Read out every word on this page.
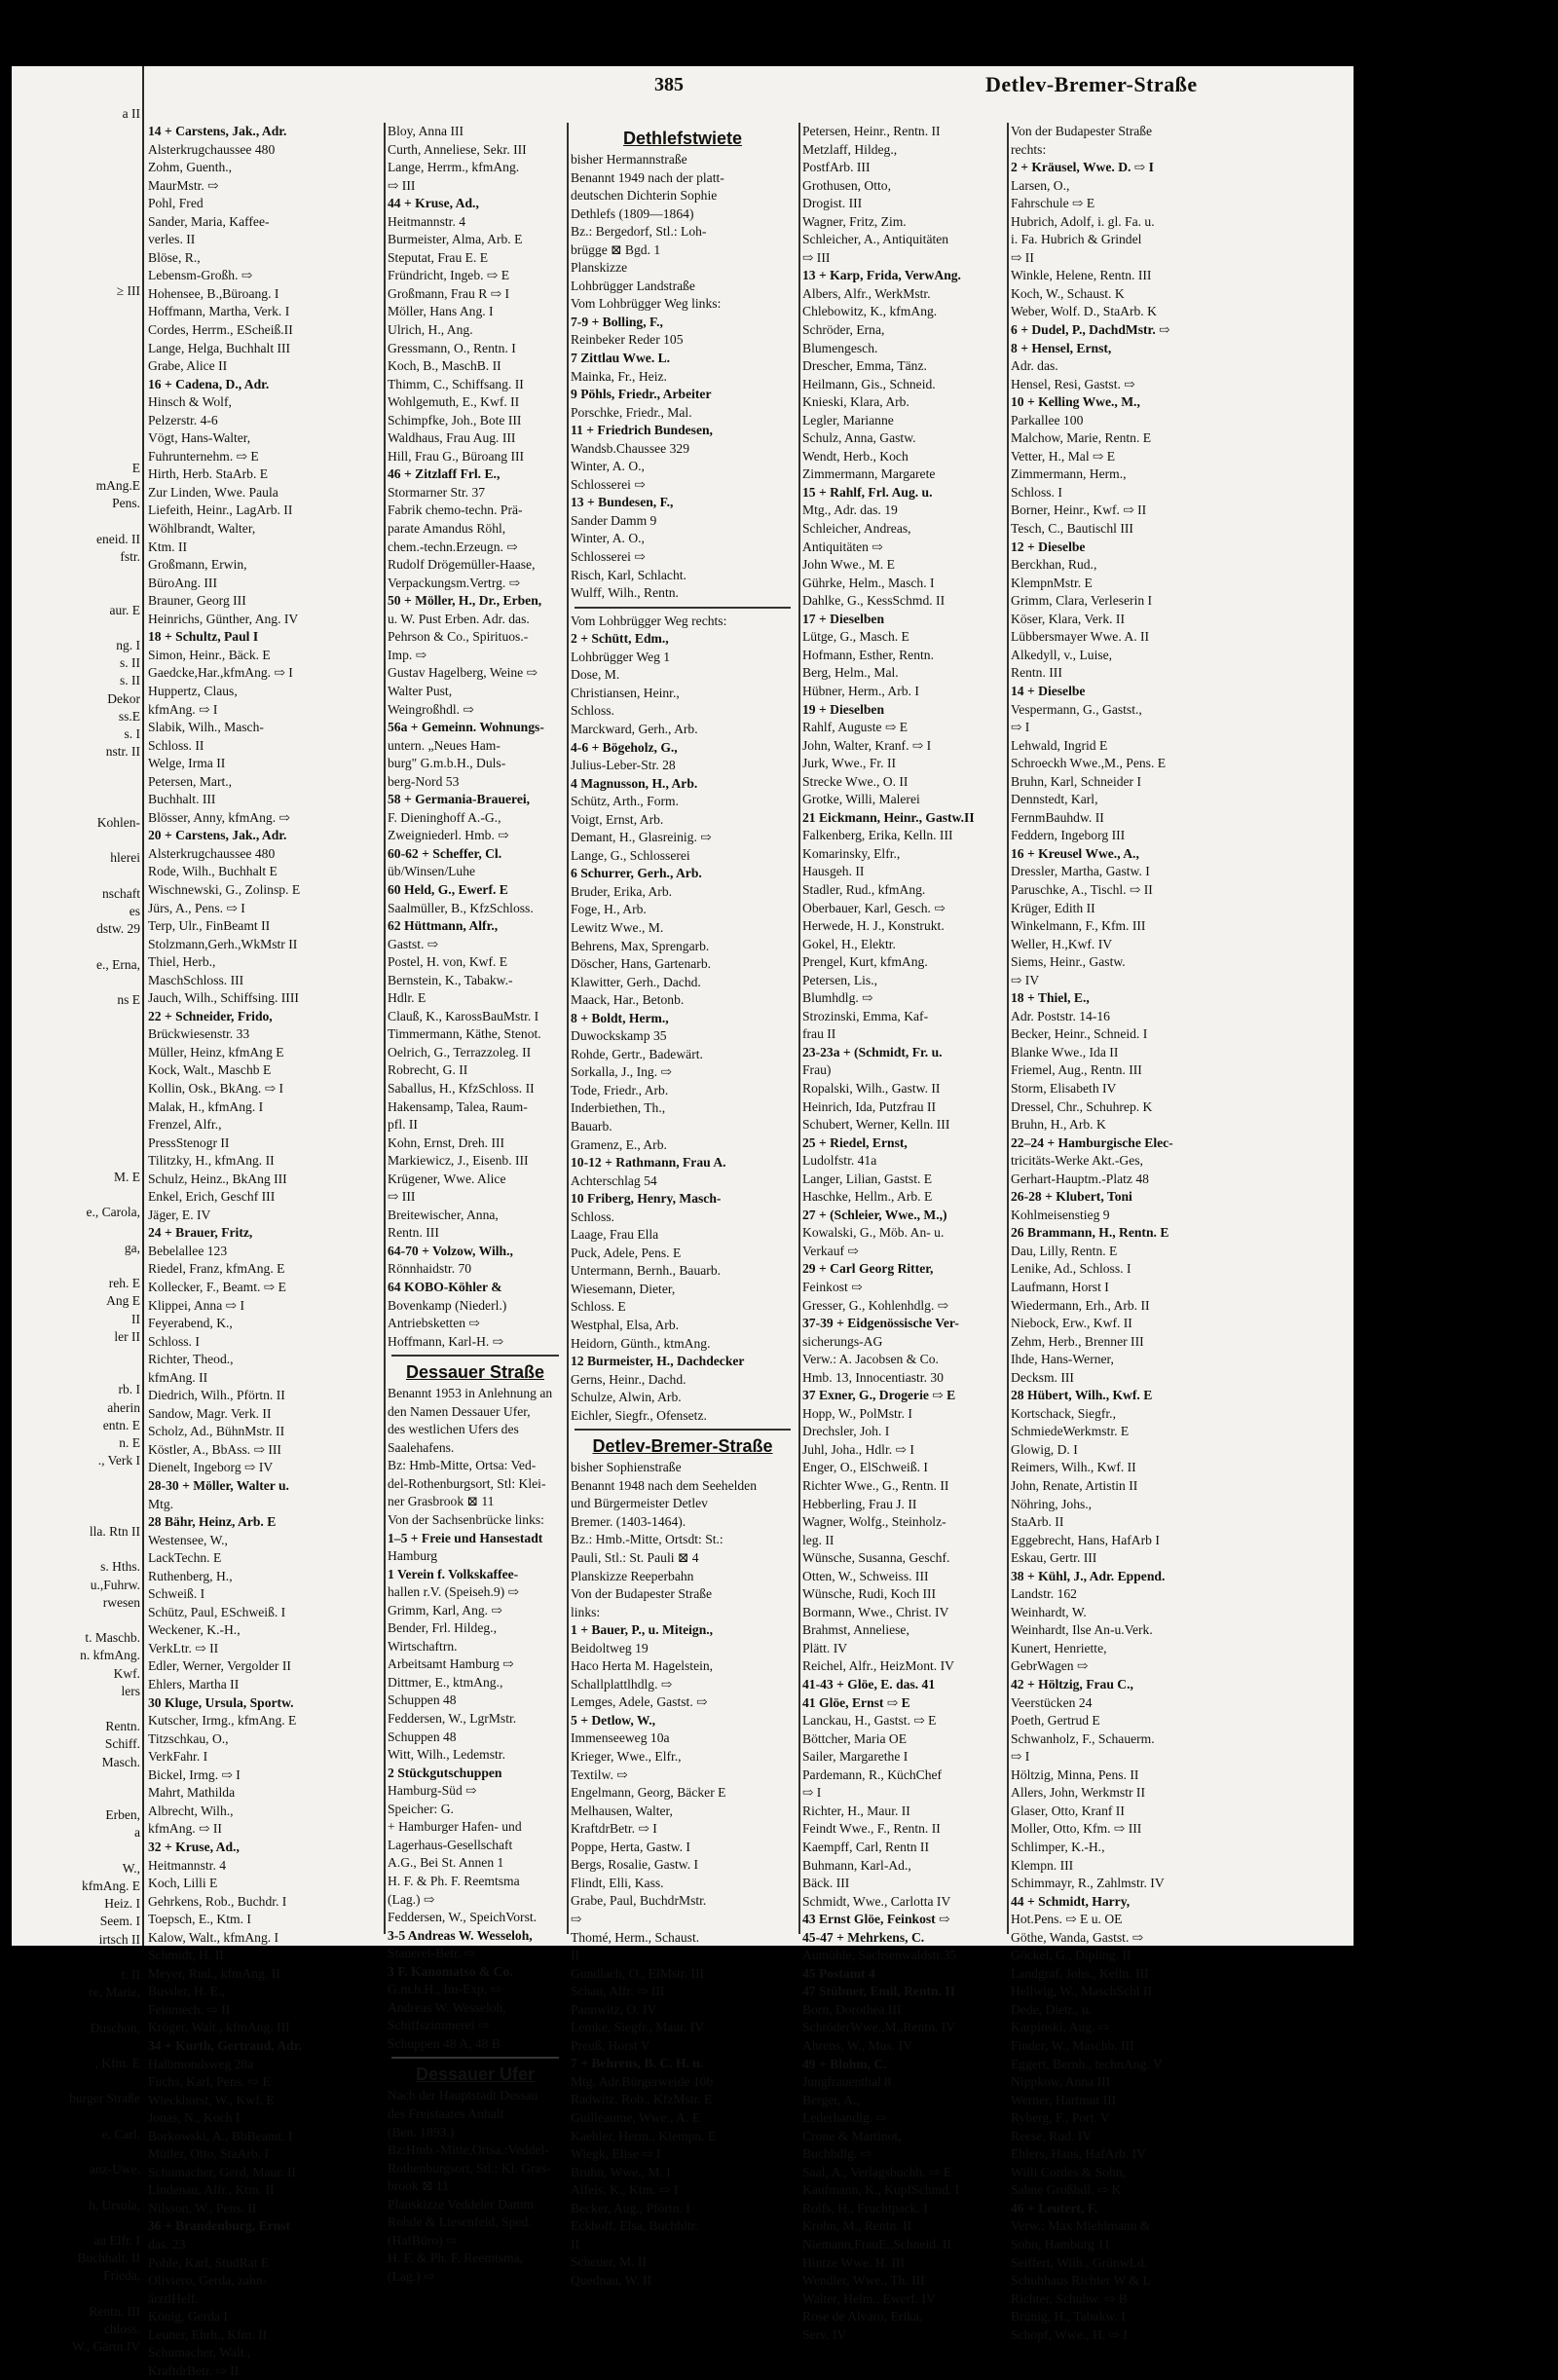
a II
≥ III
E
mAng.E
Pens.
eneid. II
fstr.
aur. E
ng. I
s. II
s. II
Dekor
ss.E
s. I
nstr. II
Kohlen-
hlerei
nschaft
es
dstw. 29
e., Erna,
ns E
M. E
e., Carola,
ga,
reh. E
Ang E
II
ler II
rb. I
aherin
entn. E
n. E
., Verk I
lla. Rtn II
s. Hths.
u.,Fuhrw.
rwesen
t. Maschb.
n. kfmAng.
Kwf.
lers
Rentn.
Schiff.
Masch.
Erben,
a
W.,
kfmAng. E
Heiz. I
Seem. I
irtsch II
t. II
re, Marie,
Duschon,
, Kfm. E
burger Straße
e, Carl.
anz-Uwe.
h, Ursula,
au Elfr. I
Buchhalt. II
Frieda,
Rentn. III
chloss.
W., Gärtn IV
385	Detlev-Bremer-Straße
14 + Carstens, Jak., Adr.
Alsterkrugchaussee 480
Zohm, Guenth.,
MaurMstr. ⇨
Pohl, Fred
Sander, Maria, Kaffee-
verles. II
Blöse, R.,
Lebensm-Großh. ⇨
Hohensee, B.,Büroang. I
Hoffmann, Martha, Verk. I
Cordes, Herrm., EScheiß.II
Lange, Helga, Buchhalt III
Grabe, Alice II
16 + Cadena, D., Adr.
Hinsch & Wolf,
Pelzerstr. 4-6
Vögt, Hans-Walter,
Fuhrunternehm. ⇨ E
Hirth, Herb. StaArb. E
Zur Linden, Wwe. Paula
Liefeith, Heinr., LagArb. II
Wöhlbrandt, Walter,
Ktm. II
Großmann, Erwin,
BüroAng. III
Brauner, Georg III
Heinrichs, Günther, Ang. IV
18 + Schultz, Paul I
Simon, Heinr., Bäck. E
Gaedcke,Har.,kfmAng. ⇨ I
Huppertz, Claus,
kfmAng. ⇨ I
Slabik, Wilh., Masch-
Schloss. II
Welge, Irma II
Petersen, Mart.,
Buchhalt. III
Blösser, Anny, kfmAng. ⇨
20 + Carstens, Jak., Adr.
Alsterkrugchaussee 480
Rode, Wilh., Buchhalt E
Wischnewski, G., Zolinsp. E
Jürs, A., Pens. ⇨ I
Terp, Ulr., FinBeamt II
Stolzmann,Gerh.,WkMstr II
Thiel, Herb.,
MaschSchloss. III
Jauch, Wilh., Schiffsing. IIII
22 + Schneider, Frido,
Brückwiesenstr. 33
Müller, Heinz, kfmAng E
Kock, Walt., Maschb E
Kollin, Osk., BkAng. ⇨ I
Malak, H., kfmAng. I
Frenzel, Alfr.,
PressStenogr II
Tilitzky, H., kfmAng. II
Schulz, Heinz., BkAng III
Enkel, Erich, Geschf III
Jäger, E. IV
24 + Brauer, Fritz,
Bebelallee 123
Riedel, Franz, kfmAng. E
Kollecker, F., Beamt. ⇨ E
Klippei, Anna ⇨ I
Feyerabend, K.,
Schloss. I
Richter, Theod.,
kfmAng. II
Diedrich, Wilh., Pförtn. II
Sandow, Magr. Verk. II
Scholz, Ad., BühnMstr. II
Köstler, A., BbAss. ⇨ III
Dienelt, Ingeborg ⇨ IV
28-30 + Möller, Walter u.
Mtg.
28 Bähr, Heinz, Arb. E
Westensee, W.,
LackTechn. E
Ruthenberg, H.,
Schweiß. I
Schütz, Paul, ESchweiß. I
Weckener, K.-H.,
VerkLtr. ⇨ II
Edler, Werner, Vergolder II
Ehlers, Martha II
30 Kluge, Ursula, Sportw.
Kutscher, Irmg., kfmAng. E
Titzschkau, O.,
VerkFahr. I
Bickel, Irmg. ⇨ I
Mahrt, Mathilda
Albrecht, Wilh.,
kfmAng. ⇨ II
32 + Kruse, Ad.,
Heitmannstr. 4
Koch, Lilli E
Gehrkens, Rob., Buchdr. I
Toepsch, E., Ktm. I
Kalow, Walt., kfmAng. I
Schmidt, H. II
Meyer, Rud., kfmAng. II
Bussler, H. E.,
Feinmech. ⇨ II
Kröger, Walt., kfmAng. III
34 + Kurth, Gertraud, Adr.
Halbmondsweg 28a
Fuchs, Karl, Pens. ⇨ E
Wieckhorst, W., Kwf. E
Jonas, N., Koch I
Borkowski, A., BbBeamt. I
Müller, Otto, StaArb. I
Schumacher, Gerd, Maur. II
Lindenau, Alfr., Ktm. II
Nilsson, W., Pens. II
36 + Brandenburg, Ernst
das. 23
Pohle, Karl, StudRat E
Oliviero, Gerda, zahn-
ärztlHelf.
König, Gerda I
Leuner, Ehrh., Kfm. II
Schumacher, Walt.,
KraftdrBetr. ⇨ II
Bloy, Anna III
Curth, Anneliese, Sekr. III
Lange, Herrm., kfmAng.
⇨ III
44 + Kruse, Ad.,
Heitmannstr. 4
Burmeister, Alma, Arb. E
Steputat, Frau E. E
Fründricht, Ingeb. ⇨ E
Großmann, Frau R ⇨ I
Möller, Hans Ang. I
Ulrich, H., Ang.
Gressmann, O., Rentn. I
Koch, B., MaschB. II
Thimm, C., Schiffsang. II
Wohlgemuth, E., Kwf. II
Schimpfke, Joh., Bote III
Waldhaus, Frau Aug. III
Hill, Frau G., Büroang III
46 + Zitzlaff Frl. E.,
Stormarner Str. 37
Fabrik chemo-techn. Prä-
parate Amandus Röhl,
chem.-techn.Erzeugn. ⇨
Rudolf Drögemüller-Haase,
Verpackungsm.Vertrg. ⇨
50 + Möller, H., Dr., Erben,
u. W. Pust Erben. Adr. das.
Pehrson & Co., Spirituos.-
Imp. ⇨
Gustav Hagelberg, Weine ⇨
Walter Pust,
Weingroßhdl. ⇨
56a + Gemeinn. Wohnungs-
untern. „Neues Ham-
burg" G.m.b.H., Duls-
berg-Nord 53
58 + Germania-Brauerei,
F. Dieninghoff A.-G.,
Zweigniederl. Hmb. ⇨
60-62 + Scheffer, Cl.
üb/Winsen/Luhe
60 Held, G., Ewerf. E
Saalmüller, B., KfzSchloss.
62 Hüttmann, Alfr.,
Gastst. ⇨
Postel, H. von, Kwf. E
Bernstein, K., Tabakw.-
Hdlr. E
Clauß, K., KarossBauMstr. I
Timmermann, Käthe, Stenot.
Oelrich, G., Terrazzoleg. II
Robrecht, G. II
Saballus, H., KfzSchloss. II
Hakensamp, Talea, Raum-
pfl. II
Kohn, Ernst, Dreh. III
Markiewicz, J., Eisenb. III
Krügener, Wwe. Alice
⇨ III
Breitewischer, Anna,
Rentn. III
64-70 + Volzow, Wilh.,
Rönnhaidstr. 70
64 KOBO-Köhler &
Bovenkamp (Niederl.)
Antriebsketten ⇨
Hoffmann, Karl-H. ⇨
Dessauer Straße
Benannt 1953 in Anlehnung an
den Namen Dessauer Ufer,
des westlichen Ufers des
Saalehafens.
Bz: Hmb-Mitte, Ortsa: Ved-
del-Rothenburgsort, Stl: Klei-
ner Grasbrook ⊠ 11
Von der Sachsenbrücke links:
1–5 + Freie und Hansestadt
Hamburg
1 Verein f. Volkskaffee-
hallen r.V. (Speiseh.9) ⇨
Grimm, Karl, Ang. ⇨
Bender, Frl. Hildeg.,
Wirtschaftrn.
Arbeitsamt Hamburg ⇨
Dittmer, E., ktmAng.,
Schuppen 48
Feddersen, W., LgrMstr.
Schuppen 48
Witt, Wilh., Ledemstr.
2 Stückgutschuppen
Hamburg-Süd ⇨
Speicher: G.
+ Hamburger Hafen- und
Lagerhaus-Gesellschaft
A.G., Bei St. Annen 1
H. F. & Ph. F. Reemtsma
(Lag.) ⇨
Feddersen, W., SpeichVorst.
3-5 Andreas W. Wesseloh,
Stauerei-Betr. ⇨
3 F. Kanomatso & Co.
G.m.b.H., Im-Exp. ⇨
Andreas W. Wesseloh,
Schiffszimmerei ⇨
Schuppen 48 A, 48 B
Dessauer Ufer
Nach der Hauptstadt Dessau
des Freistaates Anhalt
(Ben. 1893.)
Bz:Hmb.-Mitte,Ortsa.:Veddel-
Rothenburgsort, Stl.: Kl. Gras-
brook ⊠ 11
Planskizze Veddeler Damm
Rohde & Liesenfeld, Sped.
(HafBüro) ⇨
H. F. & Ph. F. Reemtsma,
(Lag.) ⇨
Dethlefstwiete
bisher Hermannstraße
Benannt 1949 nach der platt-
deutschen Dichterin Sophie
Dethlefs (1809—1864)
Bz.: Bergedorf, Stl.: Loh-
brügge ⊠ Bgd. 1
Planskizze
Lohbrügger Landstraße
Vom Lohbrügger Weg links:
7-9 + Bolling, F.,
Reinbeker Reder 105
7 Zittlau Wwe. L.
Mainka, Fr., Heiz.
9 Pöhls, Friedr., Arbeiter
Porschke, Friedr., Mal.
11 + Friedrich Bundesen,
Wandsb.Chaussee 329
Winter, A. O.,
Schlosserei ⇨
13 + Bundesen, F.,
Sander Damm 9
Winter, A. O.,
Schlosserei ⇨
Risch, Karl, Schlacht.
Wulff, Wilh., Rentn.
Vom Lohbrügger Weg rechts:
2 + Schütt, Edm.,
Lohbrügger Weg 1
Dose, M.
Christiansen, Heinr.,
Schloss.
Marckward, Gerh., Arb.
4-6 + Bögeholz, G.,
Julius-Leber-Str. 28
4 Magnusson, H., Arb.
Schütz, Arth., Form.
Voigt, Ernst, Arb.
Demant, H., Glasreinig. ⇨
Lange, G., Schlosserei
6 Schurrer, Gerh., Arb.
Bruder, Erika, Arb.
Foge, H., Arb.
Lewitz Wwe., M.
Behrens, Max, Sprengarb.
Döscher, Hans, Gartenarb.
Klawitter, Gerh., Dachd.
Maack, Har., Betonb.
8 + Boldt, Herm.,
Duwockskamp 35
Rohde, Gertr., Badewärt.
Sorkalla, J., Ing. ⇨
Tode, Friedr., Arb.
Inderbiethen, Th.,
Bauarb.
Gramenz, E., Arb.
10-12 + Rathmann, Frau A.
Achterschlag 54
10 Friberg, Henry, Masch-
Schloss.
Laage, Frau Ella
Puck, Adele, Pens. E
Untermann, Bernh., Bauarb.
Wiesemann, Dieter,
Schloss. E
Westphal, Elsa, Arb.
Heidorn, Günth., ktmAng.
12 Burmeister, H., Dachdecker
Gerns, Heinr., Dachd.
Schulze, Alwin, Arb.
Eichler, Siegfr., Ofensetz.
Detlev-Bremer-Straße
bisher Sophienstraße
Benannt 1948 nach dem Seehelden
und Bürgermeister Detlev
Bremer. (1403-1464).
Bz.: Hmb.-Mitte, Ortsdt: St.:
Pauli, Stl.: St. Pauli ⊠ 4
Planskizze Reeperbahn
Von der Budapester Straße
links:
1 + Bauer, P., u. Miteign.,
Beidoltweg 19
Haco Herta M. Hagelstein,
Schallplattlhdlg. ⇨
Lemges, Adele, Gastst. ⇨
5 + Detlow, W.,
Immenseeweg 10a
Krieger, Wwe., Elfr.,
Textilw. ⇨
Engelmann, Georg, Bäcker E
Melhausen, Walter,
KraftdrBetr. ⇨ I
Poppe, Herta, Gastw. I
Bergs, Rosalie, Gastw. I
Flindt, Elli, Kass.
Grabe, Paul, BuchdrMstr.
⇨
Thomé, Herm., Schaust.
II
Gundlach, O., ElMstr. III
Schau, Alfr. ⇨ III
Pannwitz, O. IV
Lemke, Siegfr., Maur. IV
Preuß, Horst V
7 + Behrens, B. C. H. u.
Mtg. Adr.Bürgerweide 10b
Radwitz, Rob., KfzMstr. E
Guilleaume, Wwe., A. E
Kaehler, Herm., Klempn. E
Wiegk, Elise ⇨ I
Bruhn, Wwe., M. I
Alfeis, K., Ktm. ⇨ I
Becker, Aug., Pförtn. I
Eckhoff, Elsa, Buchhltr.
II
Scheuer, M. II
Quednau, W. II
Petersen, Heinr., Rentn. II
Metzlaff, Hildeg.,
PostfArb. III
Grothusen, Otto,
Drogist. III
Wagner, Fritz, Zim.
Schleicher, A., Antiquitäten
⇨ III
13 + Karp, Frida, VerwAng.
Albers, Alfr., WerkMstr.
Chlebowitz, K., kfmAng.
Schröder, Erna,
Blumengesch.
Drescher, Emma, Tänz.
Heilmann, Gis., Schneid.
Knieski, Klara, Arb.
Legler, Marianne
Schulz, Anna, Gastw.
Wendt, Herb., Koch
Zimmermann, Margarete
15 + Rahlf, Frl. Aug. u.
Mtg., Adr. das. 19
Schleicher, Andreas,
Antiquitäten ⇨
John Wwe., M. E
Gührke, Helm., Masch. I
Dahlke, G., KessSchmd. II
17 + Dieselben
Lütge, G., Masch. E
Hofmann, Esther, Rentn.
Berg, Helm., Mal.
Hübner, Herm., Arb. I
19 + Dieselben
Rahlf, Auguste ⇨ E
John, Walter, Kranf. ⇨ I
Jurk, Wwe., Fr. II
Strecke Wwe., O. II
Grotke, Willi, Malerei
21 Eickmann, Heinr., Gastw.II
Falkenberg, Erika, Kelln. III
Komarinsky, Elfr.,
Hausgeh. II
Stadler, Rud., kfmAng.
Oberbauer, Karl, Gesch. ⇨
Herwede, H. J., Konstrukt.
Gokel, H., Elektr.
Prengel, Kurt, kfmAng.
Petersen, Lis.,
Blumhdlg. ⇨
Strozinski, Emma, Kaf-
frau II
23-23a + (Schmidt, Fr. u.
Frau)
Ropalski, Wilh., Gastw. II
Heinrich, Ida, Putzfrau II
Schubert, Werner, Kelln. III
25 + Riedel, Ernst,
Ludolfstr. 41a
Langer, Lilian, Gastst. E
Haschke, Hellm., Arb. E
27 + (Schleier, Wwe., M.,)
Kowalski, G., Möb. An- u.
Verkauf ⇨
29 + Carl Georg Ritter,
Feinkost ⇨
Gresser, G., Kohlenhdlg. ⇨
37-39 + Eidgenössische Ver-
sicherungs-AG
Verw.: A. Jacobsen & Co.
Hmb. 13, Innocentiastr. 30
37 Exner, G., Drogerie ⇨ E
Hopp, W., PolMstr. I
Drechsler, Joh. I
Juhl, Joha., Hdlr. ⇨ I
Enger, O., ElSchweiß. I
Richter Wwe., G., Rentn. II
Hebberling, Frau J. II
Wagner, Wolfg., Steinholz-
leg. II
Wünsche, Susanna, Geschf.
Otten, W., Schweiss. III
Wünsche, Rudi, Koch III
Bormann, Wwe., Christ. IV
Brahmst, Anneliese,
Plätt. IV
Reichel, Alfr., HeizMont. IV
41-43 + Glöe, E. das. 41
41 Glöe, Ernst ⇨ E
Lanckau, H., Gastst. ⇨ E
Böttcher, Maria OE
Sailer, Margarethe I
Pardemann, R., KüchChef
⇨ I
Richter, H., Maur. II
Feindt Wwe., F., Rentn. II
Kaempff, Carl, Rentn II
Buhmann, Karl-Ad.,
Bäck. III
Schmidt, Wwe., Carlotta IV
43 Ernst Glöe, Feinkost ⇨
45-47 + Mehrkens, C.
Aumühle, Sachsenwaldstr.35
45 Postamt 4
47 Stübner, Emil, Rentn. II
Born, Dorothea III
SchröderWwe.,M.,Rentn. IV
Ahrens, W., Mus. IV
49 + Blohm, C.
Jungfrauenthal 8
Berger, A.,
Lederhandlg. ⇨
Crone & Martinot,
Buchhdlg. ⇨
Saal, A., Verlagsbuchh. ⇨ E
Kaufmann, K., KupfSchmd. I
Rolfs, H., Fruchtpack. I
Krohn, M., Rentn. II
Niemann,FrauE.,Schneid. II
Hintze Wwe. H. III
Wendler, Wwe., Th. III
Walter, Helm., Ewerf. IV
Rose de Alvaro, Erika,
Serv. IV
Von der Budapester Straße
rechts:
2 + Kräusel, Wwe. D. ⇨ I
Larsen, O.,
Fahrschule ⇨ E
Hubrich, Adolf, i. gl. Fa. u.
i. Fa. Hubrich & Grindel
⇨ II
Winkle, Helene, Rentn. III
Koch, W., Schaust. K
Weber, Wolf. D., StaArb. K
6 + Dudel, P., DachdMstr. ⇨
8 + Hensel, Ernst,
Adr. das.
Hensel, Resi, Gastst. ⇨
10 + Kelling Wwe., M.,
Parkallee 100
Malchow, Marie, Rentn. E
Vetter, H., Mal ⇨ E
Zimmermann, Herm.,
Schloss. I
Borner, Heinr., Kwf. ⇨ II
Tesch, C., Bautischl III
12 + Dieselbe
Berckhan, Rud.,
KlempnMstr. E
Grimm, Clara, Verleserin I
Köser, Klara, Verk. II
Lübbersmayer Wwe. A. II
Alkedyll, v., Luise,
Rentn. III
14 + Dieselbe
Vespermann, G., Gastst.,
⇨ I
Lehwald, Ingrid E
Schroeckh Wwe.,M., Pens. E
Bruhn, Karl, Schneider I
Dennstedt, Karl,
FernmBauhdw. II
Feddern, Ingeborg III
16 + Kreusel Wwe., A.,
Dressler, Martha, Gastw. I
Paruschke, A., Tischl. ⇨ II
Krüger, Edith II
Winkelmann, F., Kfm. III
Weller, H.,Kwf. IV
Siems, Heinr., Gastw.
⇨ IV
18 + Thiel, E.,
Adr. Poststr. 14-16
Becker, Heinr., Schneid. I
Blanke Wwe., Ida II
Friemel, Aug., Rentn. III
Storm, Elisabeth IV
Dressel, Chr., Schuhrep. K
Bruhn, H., Arb. K
22–24 + Hamburgische Elec-
tricitäts-Werke Akt.-Ges,
Gerhart-Hauptm.-Platz 48
26-28 + Klubert, Toni
Kohlmeisenstieg 9
26 Brammann, H., Rentn. E
Dau, Lilly, Rentn. E
Lenike, Ad., Schloss. I
Laufmann, Horst I
Wiedermann, Erh., Arb. II
Niebock, Erw., Kwf. II
Zehm, Herb., Brenner III
Ihde, Hans-Werner,
Decksm. III
28 Hübert, Wilh., Kwf. E
Kortschack, Siegfr.,
SchmiedeWerkmstr. E
Glowig, D. I
Reimers, Wilh., Kwf. II
John, Renate, Artistin II
Nöhring, Johs.,
StaArb. II
Eggebrecht, Hans, HafArb I
Eskau, Gertr. III
38 + Kühl, J., Adr. Eppend.
Landstr. 162
Weinhardt, W.
Weinhardt, Ilse An-u.Verk.
Kunert, Henriette,
GebrWagen ⇨
42 + Höltzig, Frau C.,
Veerstücken 24
Poeth, Gertrud E
Schwanholz, F., Schauerm.
⇨ I
Höltzig, Minna, Pens. II
Allers, John, Werkmstr II
Glaser, Otto, Kranf II
Moller, Otto, Kfm. ⇨ III
Schlimper, K.-H.,
Klempn. III
Schimmayr, R., Zahlmstr. IV
44 + Schmidt, Harry,
Hot.Pens. ⇨ E u. OE
Göthe, Wanda, Gastst. ⇨
Göckel, G., Dipling. II
Landgraf, Johs., Kelln. III
Hellwig, W., MaschSchl II
Dede, Dietr., u.
Karpinski, Aug. ⇨
Finder, W., Maschb. III
Eggert, Bernh., technAng. V
Nippkow, Anna III
Werner, Hartmut III
Ryberg, F., Port. V
Reese, Rud. IV
Ehlers, Hans, HafArb. IV
Willi Cordes & Sohn,
Sahne Großhdl. ⇨ K
46 + Leutert, F.
Verw.: Max Miehlmann &
Sohn, Hamburg 11
Seiffert, Wilh., GrünwLd.
Schuhhaus Richter W & L
Richter, Schuhw. ⇨ B
Brünig, H., Tabakw. I
Schopf, Wwe., H. ⇨ I
